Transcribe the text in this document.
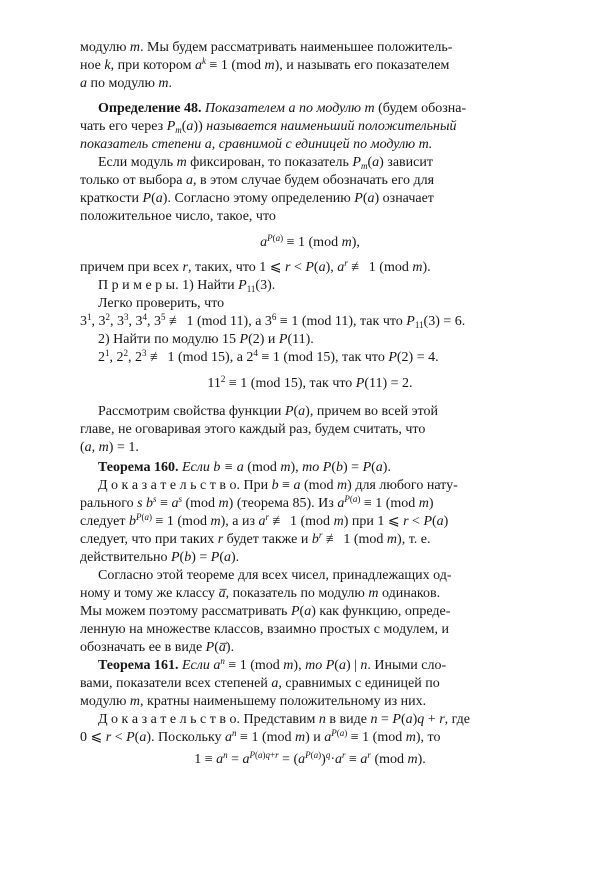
модулю m. Мы будем рассматривать наименьшее положитель-
ное k, при котором $a^k \equiv 1$ (mod m), и называть его показателем
a по модулю m.
Определение 48. Показателем а по модулю m (будем обозна-
чать его через $P_m(a)$) называется наименьший положительный
показатель степени a, сравнимой с единицей по модулю m.
Если модуль m фиксирован, то показатель $P_m(a)$ зависит
только от выбора a, в этом случае будем обозначать его для
краткости P(a). Согласно этому определению P(a) означает
положительное число, такое, что
$a^{P(a)} \equiv 1$ (mod m),
причем при всех r, таких, что 1 ⩽ r < P(a), $a^r$ ≢ 1 (mod m).
П р и м е р ы. 1) Найти $P_{11}(3)$.
Легко проверить, что
$3^1$, $3^2$, $3^3$, $3^4$, $3^5$ ≢ 1 (mod 11), а $3^6 \equiv 1$ (mod 11), так что $P_{11}(3) = 6$.
2) Найти по модулю 15 P(2) и P(11).
$2^1$, $2^2$, $2^3$ ≢ 1 (mod 15), а $2^4 \equiv 1$ (mod 15), так что P(2) = 4.
$11^2 \equiv 1$ (mod 15), так что P(11) = 2.
Рассмотрим свойства функции P(a), причем во всей этой
главе, не оговаривая этого каждый раз, будем считать, что
(a, m) = 1.
Теорема 160. Если b ≡ a (mod m), то P(b) = P(a).
Д о к а з а т е л ь с т в о. При b ≡ a (mod m) для любого нату-
рального s $b^s \equiv a^s$ (mod m) (теорема 85). Из $a^{P(a)} \equiv 1$ (mod m)
следует $b^{P(a)} \equiv 1$ (mod m), а из $a^r$ ≢ 1 (mod m) при 1 ⩽ r < P(a)
следует, что при таких r будет также и $b^r$ ≢ 1 (mod m), т. е.
действительно P(b) = P(a).
Согласно этой теореме для всех чисел, принадлежащих од-
ному и тому же классу a̅, показатель по модулю m одинаков.
Мы можем поэтому рассматривать P(a) как функцию, опреде-
ленную на множестве классов, взаимно простых с модулем, и
обозначать ее в виде P(a̅).
Теорема 161. Если $a^n \equiv 1$ (mod m), то P(a) | n. Иными сло-
вами, показатели всех степеней a, сравнимых с единицей по
модулю m, кратны наименьшему положительному из них.
Д о к а з а т е л ь с т в о. Представим n в виде n = P(a)q + r, где
0 ⩽ r < P(a). Поскольку $a^n \equiv 1$ (mod m) и $a^{P(a)} \equiv 1$ (mod m), то
$1 \equiv a^n = a^{P(a)q+r} = (a^{P(a)})^q\cdot a^r \equiv a^r$ (mod m).
